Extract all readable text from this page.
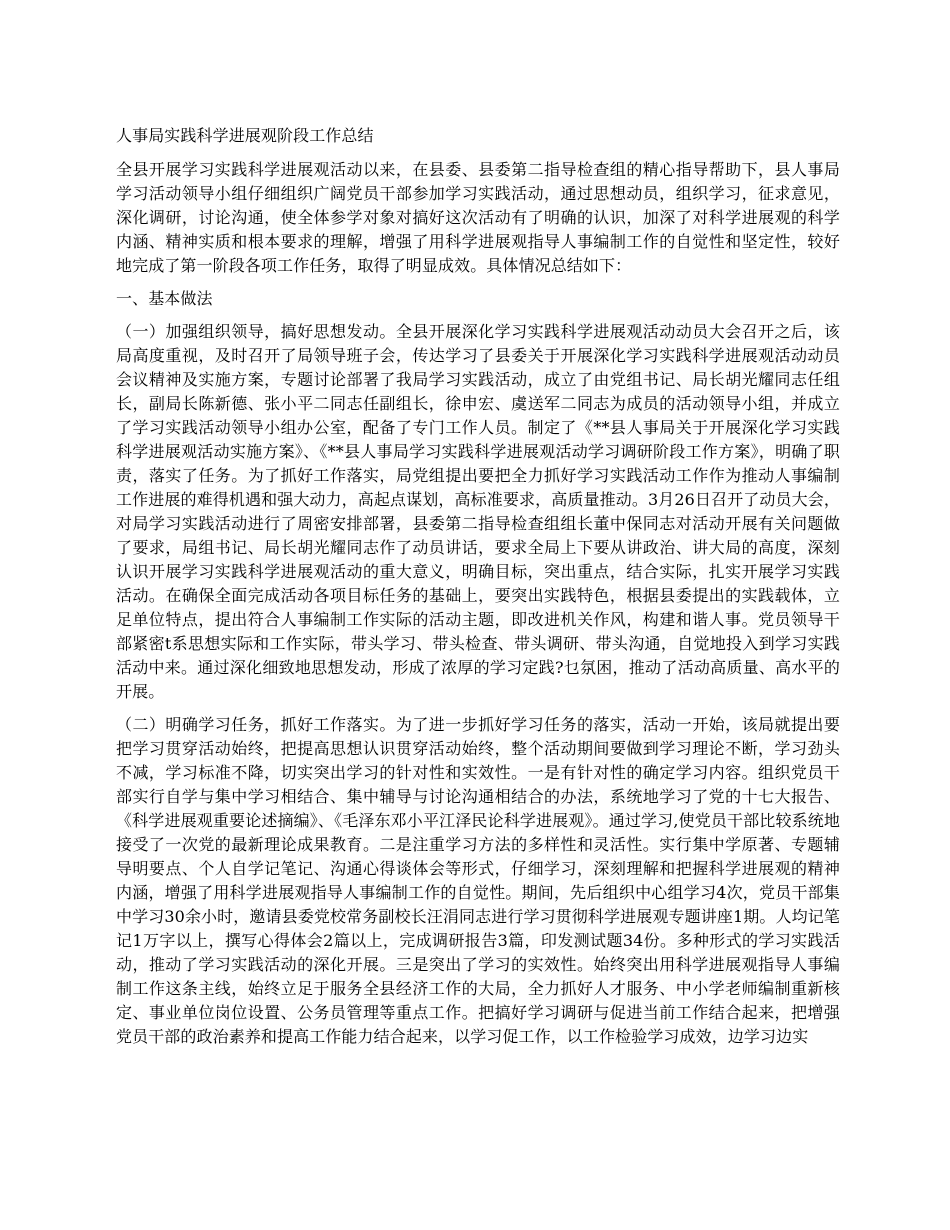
人事局实践科学进展观阶段工作总结

全县开展学习实践科学进展观活动以来，在县委、县委第二指导检查组的精心指导帮助下，县人事局学习活动领导小组仔细组织广阔党员干部参加学习实践活动，通过思想动员，组织学习，征求意见，深化调研，讨论沟通，使全体参学对象对搞好这次活动有了明确的认识，加深了对科学进展观的科学内涵、精神实质和根本要求的理解，增强了用科学进展观指导人事编制工作的自觉性和坚定性，较好地完成了第一阶段各项工作任务，取得了明显成效。具体情况总结如下：

一、基本做法

（一）加强组织领导，搞好思想发动。全县开展深化学习实践科学进展观活动动员大会召开之后，该局高度重视，及时召开了局领导班子会，传达学习了县委关于开展深化学习实践科学进展观活动动员会议精神及实施方案，专题讨论部署了我局学习实践活动，成立了由党组书记、局长胡光耀同志任组长，副局长陈新德、张小平二同志任副组长，徐申宏、虞送军二同志为成员的活动领导小组，并成立了学习实践活动领导小组办公室，配备了专门工作人员。制定了《**县人事局关于开展深化学习实践科学进展观活动实施方案》、《**县人事局学习实践科学进展观活动学习调研阶段工作方案》，明确了职责，落实了任务。为了抓好工作落实，局党组提出要把全力抓好学习实践活动工作作为推动人事编制工作进展的难得机遇和强大动力，高起点谋划，高标准要求，高质量推动。3月26日召开了动员大会，对局学习实践活动进行了周密安排部署，县委第二指导检查组组长董中保同志对活动开展有关问题做了要求，局组书记、局长胡光耀同志作了动员讲话，要求全局上下要从讲政治、讲大局的高度，深刻认识开展学习实践科学进展观活动的重大意义，明确目标，突出重点，结合实际，扎实开展学习实践活动。在确保全面完成活动各项目标任务的基础上，要突出实践特色，根据县委提出的实践载体，立足单位特点，提出符合人事编制工作实际的活动主题，即改进机关作风，构建和谐人事。党员领导干部紧密t系思想实际和工作实际，带头学习、带头检查、带头调研、带头沟通，自觉地投入到学习实践活动中来。通过深化细致地思想发动，形成了浓厚的学习定践?乜氛困，推动了活动高质量、高水平的开展。

（二）明确学习任务，抓好工作落实。为了进一步抓好学习任务的落实，活动一开始，该局就提出要把学习贯穿活动始终，把提高思想认识贯穿活动始终，整个活动期间要做到学习理论不断，学习劲头不减，学习标准不降，切实突出学习的针对性和实效性。一是有针对性的确定学习内容。组织党员干部实行自学与集中学习相结合、集中辅导与讨论沟通相结合的办法，系统地学习了党的十七大报告、《科学进展观重要论述摘编》、《毛泽东邓小平江泽民论科学进展观》。通过学习,使党员干部比较系统地接受了一次党的最新理论成果教育。二是注重学习方法的多样性和灵活性。实行集中学原著、专题辅导明要点、个人自学记笔记、沟通心得谈体会等形式，仔细学习，深刻理解和把握科学进展观的精神内涵，增强了用科学进展观指导人事编制工作的自觉性。期间，先后组织中心组学习4次，党员干部集中学习30余小时，邀请县委党校常务副校长汪涓同志进行学习贯彻科学进展观专题讲座1期。人均记笔记1万字以上，撰写心得体会2篇以上，完成调研报告3篇，印发测试题34份。多种形式的学习实践活动，推动了学习实践活动的深化开展。三是突出了学习的实效性。始终突出用科学进展观指导人事编制工作这条主线，始终立足于服务全县经济工作的大局，全力抓好人才服务、中小学老师编制重新核定、事业单位岗位设置、公务员管理等重点工作。把搞好学习调研与促进当前工作结合起来，把增强党员干部的政治素养和提高工作能力结合起来，以学习促工作，以工作检验学习成效，边学习边实
